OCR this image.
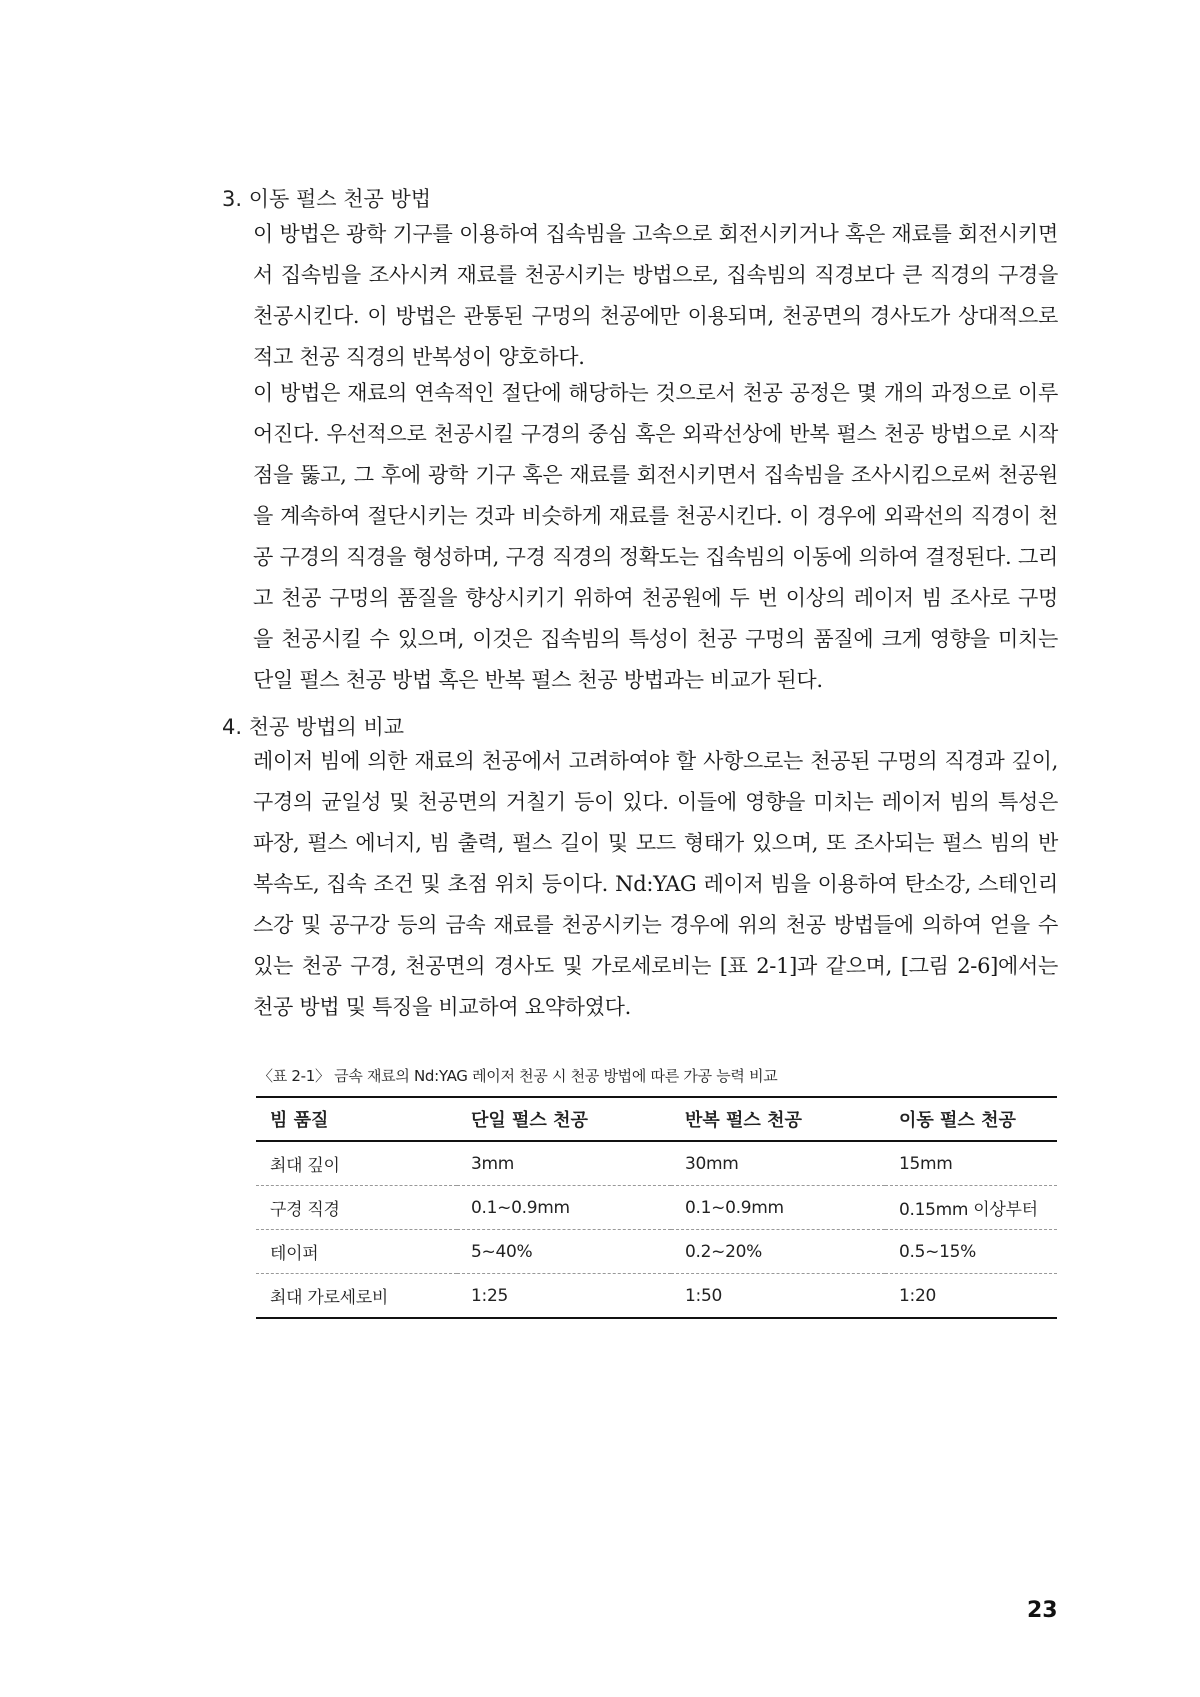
3. 이동 펄스 천공 방법
이 방법은 광학 기구를 이용하여 집속빔을 고속으로 회전시키거나 혹은 재료를 회전시키면
서 집속빔을 조사시켜 재료를 천공시키는 방법으로, 집속빔의 직경보다 큰 직경의 구경을
천공시킨다. 이 방법은 관통된 구멍의 천공에만 이용되며, 천공면의 경사도가 상대적으로
적고 천공 직경의 반복성이 양호하다.
이 방법은 재료의 연속적인 절단에 해당하는 것으로서 천공 공정은 몇 개의 과정으로 이루
어진다. 우선적으로 천공시킬 구경의 중심 혹은 외곽선상에 반복 펄스 천공 방법으로 시작
점을 뚫고, 그 후에 광학 기구 혹은 재료를 회전시키면서 집속빔을 조사시킴으로써 천공원
을 계속하여 절단시키는 것과 비슷하게 재료를 천공시킨다. 이 경우에 외곽선의 직경이 천
공 구경의 직경을 형성하며, 구경 직경의 정확도는 집속빔의 이동에 의하여 결정된다. 그리
고 천공 구멍의 품질을 향상시키기 위하여 천공원에 두 번 이상의 레이저 빔 조사로 구멍
을 천공시킬 수 있으며, 이것은 집속빔의 특성이 천공 구멍의 품질에 크게 영향을 미치는
단일 펄스 천공 방법 혹은 반복 펄스 천공 방법과는 비교가 된다.
4. 천공 방법의 비교
레이저 빔에 의한 재료의 천공에서 고려하여야 할 사항으로는 천공된 구멍의 직경과 깊이,
구경의 균일성 및 천공면의 거칠기 등이 있다. 이들에 영향을 미치는 레이저 빔의 특성은
파장, 펄스 에너지, 빔 출력, 펄스 길이 및 모드 형태가 있으며, 또 조사되는 펄스 빔의 반
복속도, 집속 조건 및 초점 위치 등이다. Nd:YAG 레이저 빔을 이용하여 탄소강, 스테인리
스강 및 공구강 등의 금속 재료를 천공시키는 경우에 위의 천공 방법들에 의하여 얻을 수
있는 천공 구경, 천공면의 경사도 및 가로세로비는 [표 2-1]과 같으며, [그림 2-6]에서는
천공 방법 및 특징을 비교하여 요약하였다.
〈표 2-1〉 금속 재료의 Nd:YAG 레이저 천공 시 천공 방법에 따른 가공 능력 비교
빔 품질	단일 펄스 천공	반복 펄스 천공	이동 펄스 천공
최대 깊이	3mm	30mm	15mm
구경 직경	0.1~0.9mm	0.1~0.9mm	0.15mm 이상부터
테이퍼	5~40%	0.2~20%	0.5~15%
최대 가로세로비	1:25	1:50	1:20
23
